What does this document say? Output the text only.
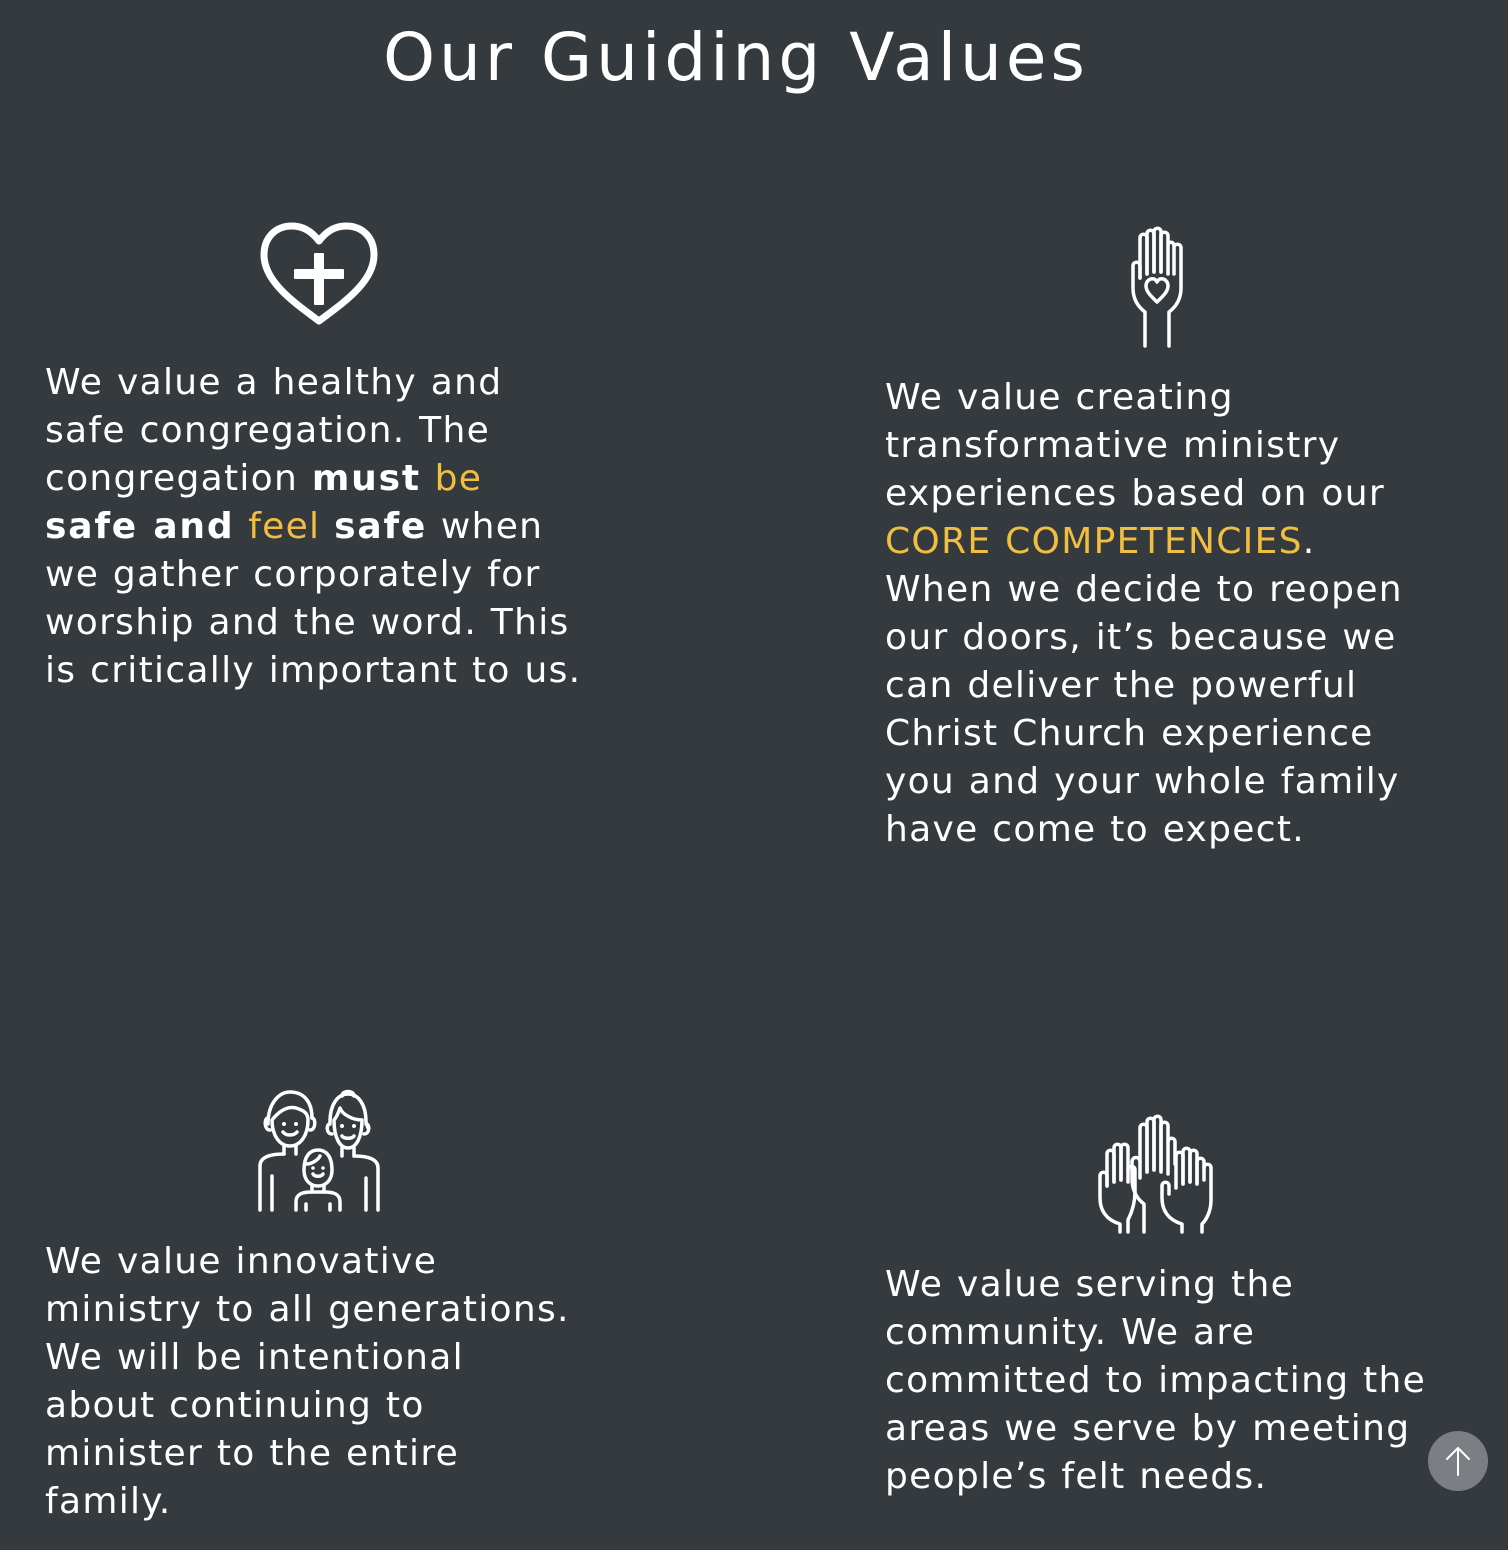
Our Guiding Values

We value a healthy and
safe congregation. The
congregation must be
safe and feel safe when
we gather corporately for
worship and the word. This
is critically important to us.

We value creating
transformative ministry
experiences based on our
CORE COMPETENCIES.
When we decide to reopen
our doors, it’s because we
can deliver the powerful
Christ Church experience
you and your whole family
have come to expect.

We value innovative
ministry to all generations.
We will be intentional
about continuing to
minister to the entire
family.

We value serving the
community. We are
committed to impacting the
areas we serve by meeting
people’s felt needs.
